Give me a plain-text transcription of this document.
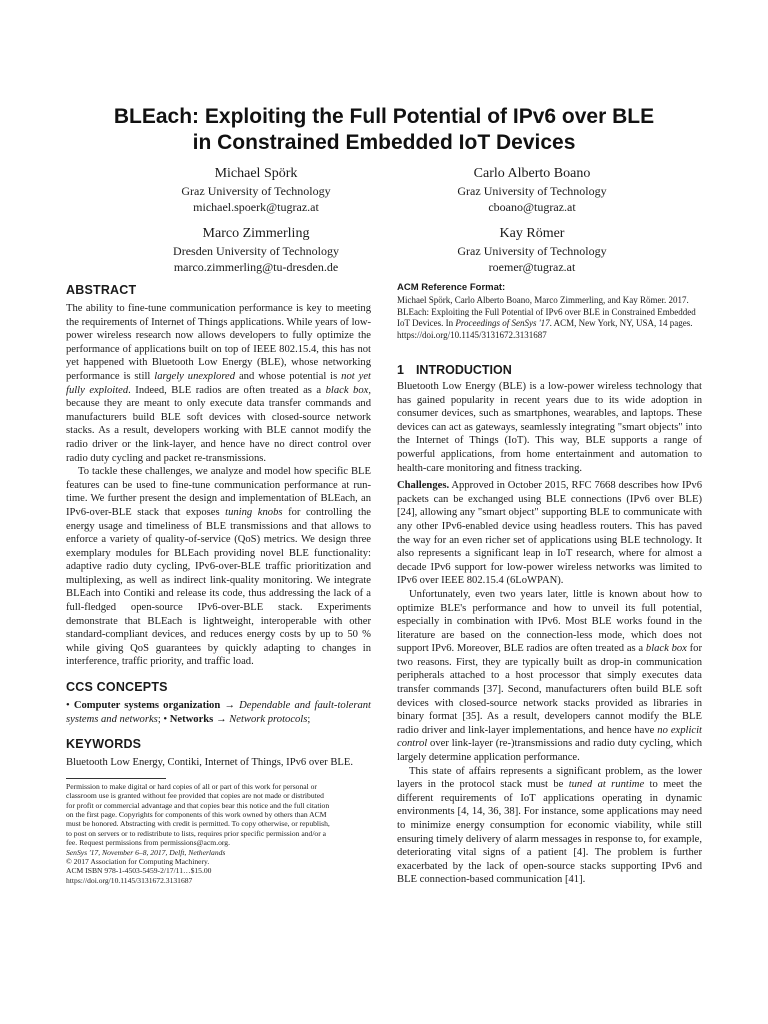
BLEach: Exploiting the Full Potential of IPv6 over BLE
in Constrained Embedded IoT Devices
Michael Spörk
Graz University of Technology
michael.spoerk@tugraz.at
Carlo Alberto Boano
Graz University of Technology
cboano@tugraz.at
Marco Zimmerling
Dresden University of Technology
marco.zimmerling@tu-dresden.de
Kay Römer
Graz University of Technology
roemer@tugraz.at
ABSTRACT

The ability to fine-tune communication performance is key to meeting the requirements of Internet of Things applications. While years of low-power wireless research now allows developers to fully optimize the performance of applications built on top of IEEE 802.15.4, this has not yet happened with Bluetooth Low Energy (BLE), whose networking performance is still largely unexplored and whose potential is not yet fully exploited. Indeed, BLE radios are often treated as a black box, because they are meant to only execute data transfer commands and manufacturers build BLE soft devices with closed-source network stacks. As a result, developers working with BLE cannot modify the radio driver or the link-layer, and hence have no direct control over radio duty cycling and packet re-transmissions.

To tackle these challenges, we analyze and model how specific BLE features can be used to fine-tune communication performance at run-time. We further present the design and implementation of BLEach, an IPv6-over-BLE stack that exposes tuning knobs for controlling the energy usage and timeliness of BLE transmissions and that allows to enforce a variety of quality-of-service (QoS) metrics. We design three exemplary modules for BLEach providing novel BLE functionality: adaptive radio duty cycling, IPv6-over-BLE traffic prioritization and multiplexing, as well as indirect link-quality monitoring. We integrate BLEach into Contiki and release its code, thus addressing the lack of a full-fledged open-source IPv6-over-BLE stack. Experiments demonstrate that BLEach is lightweight, interoperable with other standard-compliant devices, and reduces energy costs by up to 50 % while giving QoS guarantees by quickly adapting to changes in interference, traffic priority, and traffic load.

CCS CONCEPTS

• Computer systems organization → Dependable and fault-tolerant systems and networks; • Networks → Network protocols;

KEYWORDS

Bluetooth Low Energy, Contiki, Internet of Things, IPv6 over BLE.

Permission to make digital or hard copies of all or part of this work for personal or
classroom use is granted without fee provided that copies are not made or distributed
for profit or commercial advantage and that copies bear this notice and the full citation
on the first page. Copyrights for components of this work owned by others than ACM
must be honored. Abstracting with credit is permitted. To copy otherwise, or republish,
to post on servers or to redistribute to lists, requires prior specific permission and/or a
fee. Request permissions from permissions@acm.org.
SenSys '17, November 6–8, 2017, Delft, Netherlands
© 2017 Association for Computing Machinery.
ACM ISBN 978-1-4503-5459-2/17/11…$15.00
https://doi.org/10.1145/3131672.3131687

ACM Reference Format:

Michael Spörk, Carlo Alberto Boano, Marco Zimmerling, and Kay Römer. 2017. BLEach: Exploiting the Full Potential of IPv6 over BLE in Constrained Embedded IoT Devices. In Proceedings of SenSys '17. ACM, New York, NY, USA, 14 pages. https://doi.org/10.1145/3131672.3131687

1 INTRODUCTION

Bluetooth Low Energy (BLE) is a low-power wireless technology that has gained popularity in recent years due to its wide adoption in consumer devices, such as smartphones, wearables, and laptops. These devices can act as gateways, seamlessly integrating "smart objects" into the Internet of Things (IoT). This way, BLE supports a range of powerful applications, from home entertainment and automation to health-care monitoring and fitness tracking.

Challenges. Approved in October 2015, RFC 7668 describes how IPv6 packets can be exchanged using BLE connections (IPv6 over BLE) [24], allowing any "smart object" supporting BLE to communicate with any other IPv6-enabled device using headless routers. This has paved the way for an even richer set of applications using BLE technology. It also represents a significant leap in IoT research, where for almost a decade IPv6 support for low-power wireless networks was limited to IPv6 over IEEE 802.15.4 (6LoWPAN).

Unfortunately, even two years later, little is known about how to optimize BLE's performance and how to unveil its full potential, especially in combination with IPv6. Most BLE works found in the literature are based on the connection-less mode, which does not support IPv6. Moreover, BLE radios are often treated as a black box for two reasons. First, they are typically built as drop-in communication peripherals attached to a host processor that simply executes data transfer commands [37]. Second, manufacturers often build BLE soft devices with closed-source network stacks provided as libraries in binary format [35]. As a result, developers cannot modify the BLE radio driver and link-layer implementations, and hence have no explicit control over link-layer (re-)transmissions and radio duty cycling, which largely determine application performance.

This state of affairs represents a significant problem, as the lower layers in the protocol stack must be tuned at runtime to meet the different requirements of IoT applications operating in dynamic environments [4, 14, 36, 38]. For instance, some applications may need to minimize energy consumption for economic viability, while still ensuring timely delivery of alarm messages in response to, for example, deteriorating vital signs of a patient [4]. The problem is further exacerbated by the lack of open-source stacks supporting IPv6 and BLE connection-based communication [41].
